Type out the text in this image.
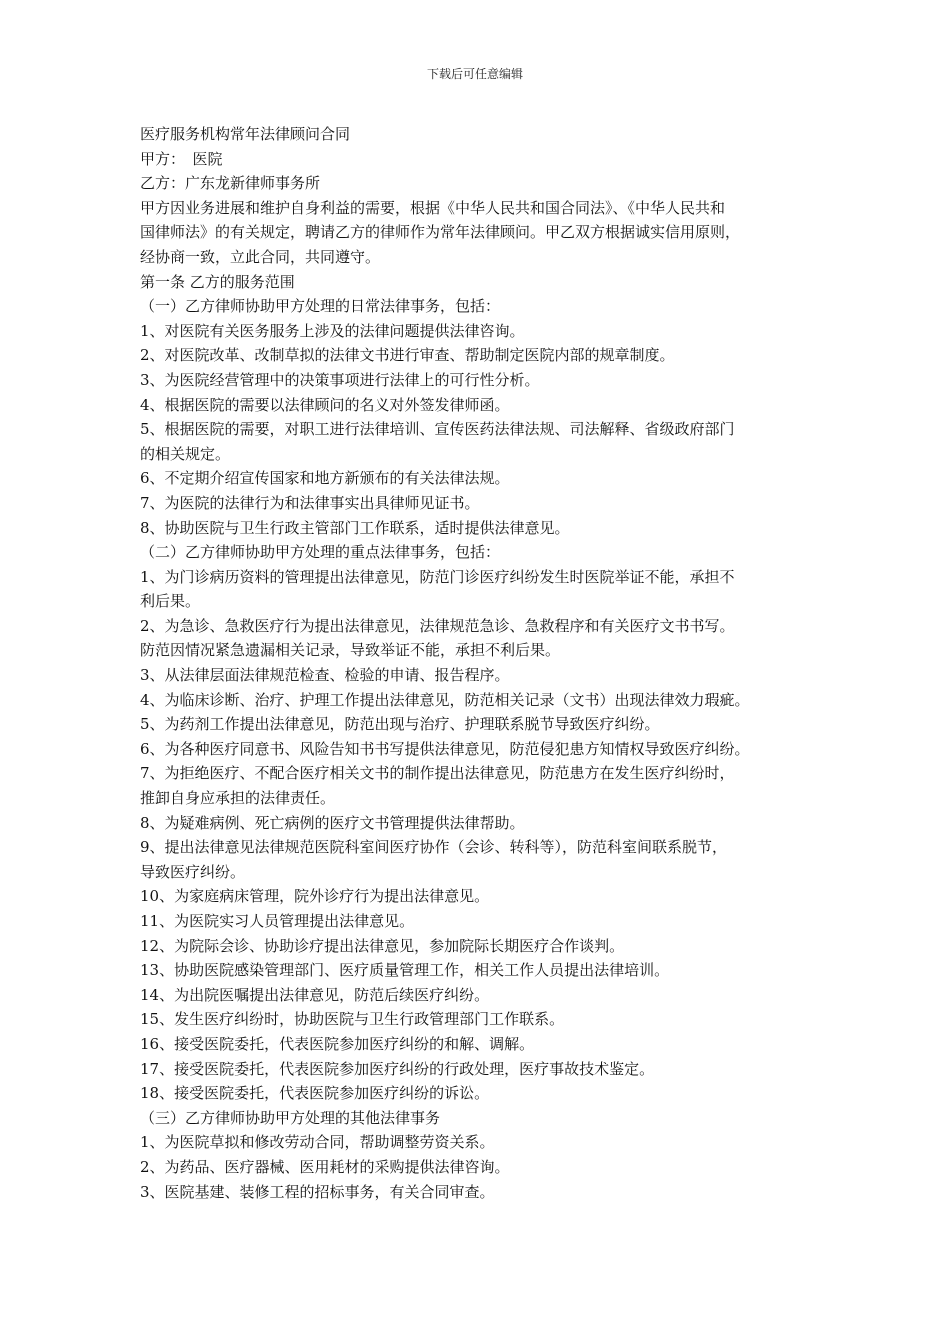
下载后可任意编辑

医疗服务机构常年法律顾问合同

甲方：　医院

乙方：广东龙新律师事务所

甲方因业务进展和维护自身利益的需要，根据《中华人民共和国合同法》、《中华人民共和

国律师法》的有关规定，聘请乙方的律师作为常年法律顾问。甲乙双方根据诚实信用原则，

经协商一致，立此合同，共同遵守。

第一条 乙方的服务范围

（一）乙方律师协助甲方处理的日常法律事务，包括：

1、对医院有关医务服务上涉及的法律问题提供法律咨询。

2、对医院改革、改制草拟的法律文书进行审查、帮助制定医院内部的规章制度。

3、为医院经营管理中的决策事项进行法律上的可行性分析。

4、根据医院的需要以法律顾问的名义对外签发律师函。

5、根据医院的需要，对职工进行法律培训、宣传医药法律法规、司法解释、省级政府部门

的相关规定。

6、不定期介绍宣传国家和地方新颁布的有关法律法规。

7、为医院的法律行为和法律事实出具律师见证书。

8、协助医院与卫生行政主管部门工作联系，适时提供法律意见。

（二）乙方律师协助甲方处理的重点法律事务，包括：

1、为门诊病历资料的管理提出法律意见，防范门诊医疗纠纷发生时医院举证不能，承担不

利后果。

2、为急诊、急救医疗行为提出法律意见，法律规范急诊、急救程序和有关医疗文书书写。

防范因情况紧急遗漏相关记录，导致举证不能，承担不利后果。

3、从法律层面法律规范检查、检验的申请、报告程序。

4、为临床诊断、治疗、护理工作提出法律意见，防范相关记录（文书）出现法律效力瑕疵。

5、为药剂工作提出法律意见，防范出现与治疗、护理联系脱节导致医疗纠纷。

6、为各种医疗同意书、风险告知书书写提供法律意见，防范侵犯患方知情权导致医疗纠纷。

7、为拒绝医疗、不配合医疗相关文书的制作提出法律意见，防范患方在发生医疗纠纷时，

推卸自身应承担的法律责任。

8、为疑难病例、死亡病例的医疗文书管理提供法律帮助。

9、提出法律意见法律规范医院科室间医疗协作（会诊、转科等），防范科室间联系脱节，

导致医疗纠纷。

10、为家庭病床管理，院外诊疗行为提出法律意见。

11、为医院实习人员管理提出法律意见。

12、为院际会诊、协助诊疗提出法律意见，参加院际长期医疗合作谈判。

13、协助医院感染管理部门、医疗质量管理工作，相关工作人员提出法律培训。

14、为出院医嘱提出法律意见，防范后续医疗纠纷。

15、发生医疗纠纷时，协助医院与卫生行政管理部门工作联系。

16、接受医院委托，代表医院参加医疗纠纷的和解、调解。

17、接受医院委托，代表医院参加医疗纠纷的行政处理，医疗事故技术鉴定。

18、接受医院委托，代表医院参加医疗纠纷的诉讼。

（三）乙方律师协助甲方处理的其他法律事务

1、为医院草拟和修改劳动合同，帮助调整劳资关系。

2、为药品、医疗器械、医用耗材的采购提供法律咨询。

3、医院基建、装修工程的招标事务，有关合同审查。
